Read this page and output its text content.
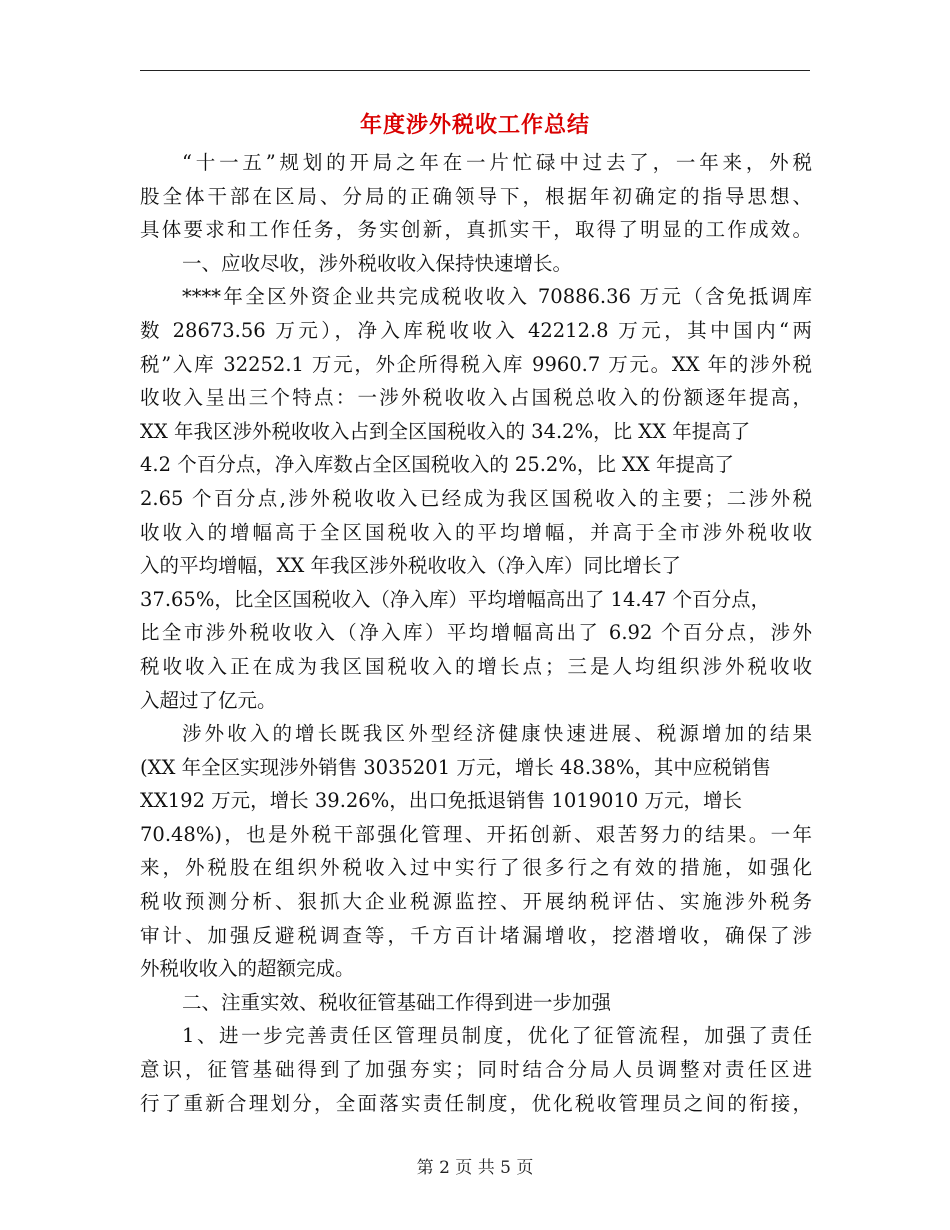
年度涉外税收工作总结
“十一五”规划的开局之年在一片忙碌中过去了，一年来，外税
股全体干部在区局、分局的正确领导下，根据年初确定的指导思想、
具体要求和工作任务，务实创新，真抓实干，取得了明显的工作成效。
一、应收尽收，涉外税收收入保持快速增长。
****年全区外资企业共完成税收收入 70886.36 万元（含免抵调库
数 28673.56 万元），净入库税收收入 42212.8 万元，其中国内“两
税”入库 32252.1 万元，外企所得税入库 9960.7 万元。XX 年的涉外税
收收入呈出三个特点：一涉外税收收入占国税总收入的份额逐年提高，
XX 年我区涉外税收收入占到全区国税收入的 34.2%，比 XX 年提高了
4.2 个百分点，净入库数占全区国税收入的 25.2%，比 XX 年提高了
2.65 个百分点,涉外税收收入已经成为我区国税收入的主要；二涉外税
收收入的增幅高于全区国税收入的平均增幅，并高于全市涉外税收收
入的平均增幅，XX 年我区涉外税收收入（净入库）同比增长了
37.65%，比全区国税收入（净入库）平均增幅高出了 14.47 个百分点，
比全市涉外税收收入（净入库）平均增幅高出了 6.92 个百分点，涉外
税收收入正在成为我区国税收入的增长点；三是人均组织涉外税收收
入超过了亿元。
涉外收入的增长既我区外型经济健康快速进展、税源增加的结果
(XX 年全区实现涉外销售 3035201 万元，增长 48.38%，其中应税销售
XX192 万元，增长 39.26%，出口免抵退销售 1019010 万元，增长
70.48%)，也是外税干部强化管理、开拓创新、艰苦努力的结果。一年
来，外税股在组织外税收入过中实行了很多行之有效的措施，如强化
税收预测分析、狠抓大企业税源监控、开展纳税评估、实施涉外税务
审计、加强反避税调查等，千方百计堵漏增收，挖潜增收，确保了涉
外税收收入的超额完成。
二、注重实效、税收征管基础工作得到进一步加强
1、进一步完善责任区管理员制度，优化了征管流程，加强了责任
意识，征管基础得到了加强夯实；同时结合分局人员调整对责任区进
行了重新合理划分，全面落实责任制度，优化税收管理员之间的衔接，
第 2 页 共 5 页
